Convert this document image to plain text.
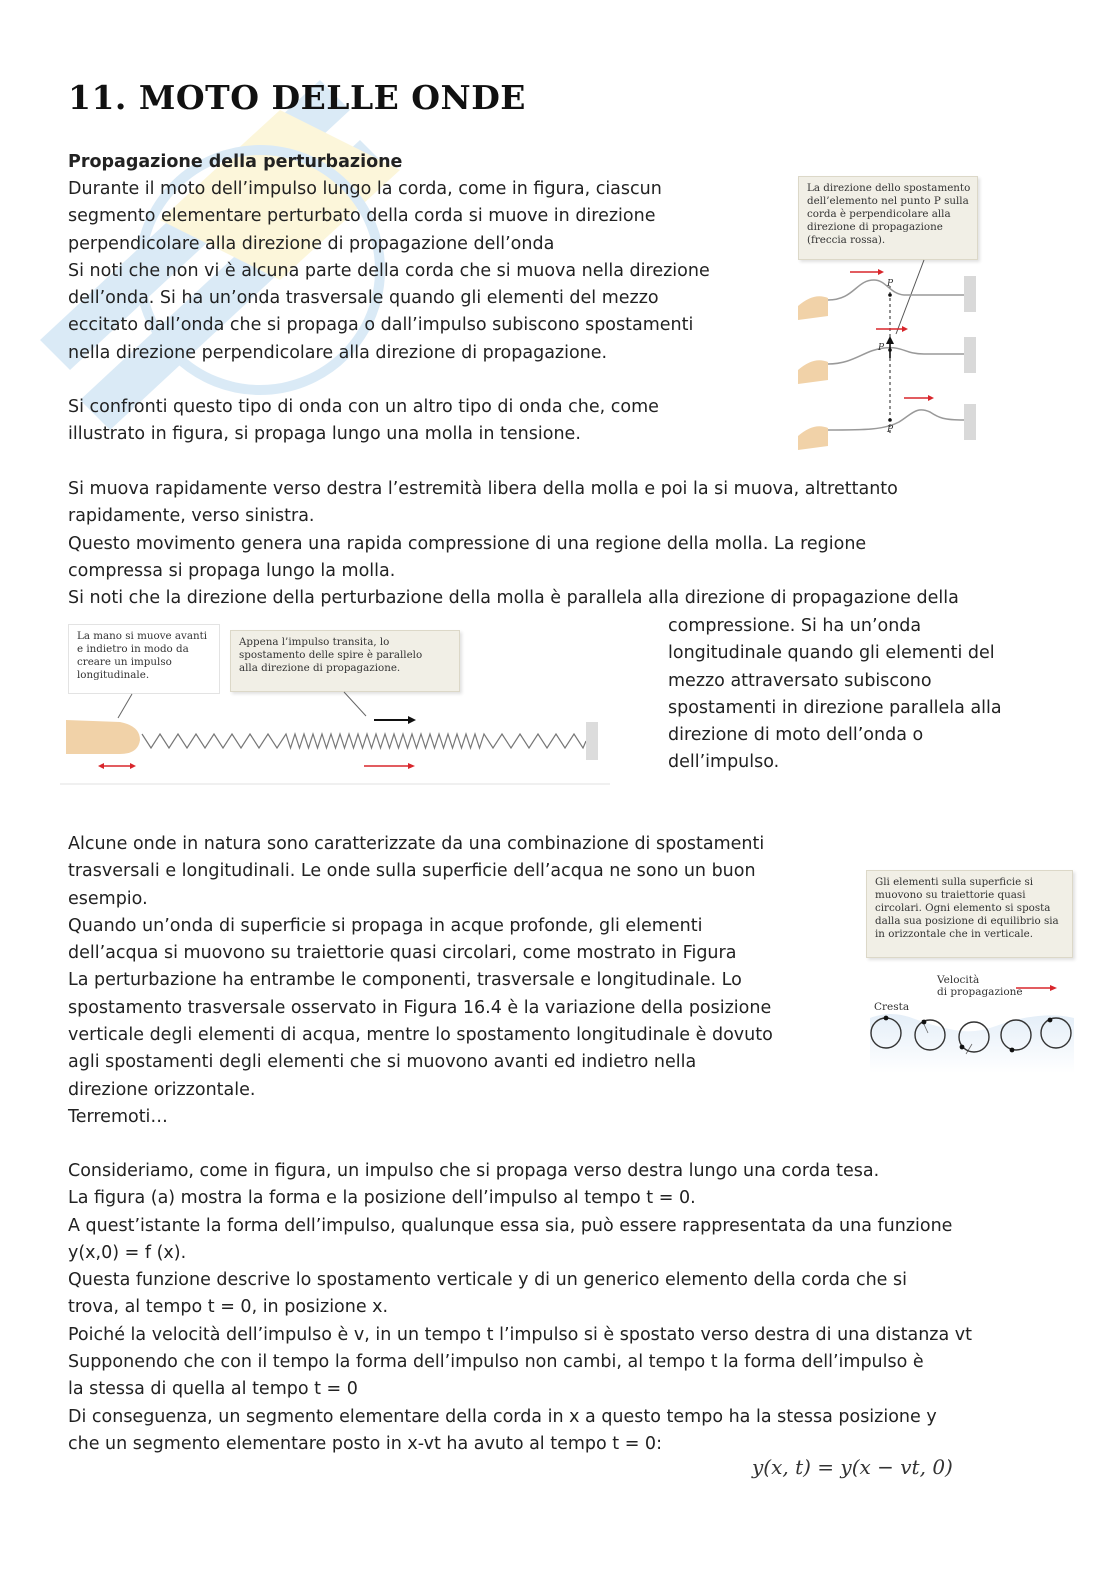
11. MOTO DELLE ONDE

Propagazione della perturbazione

Durante il moto dell’impulso lungo la corda, come in figura, ciascun
segmento elementare perturbato della corda si muove in direzione
perpendicolare alla direzione di propagazione dell’onda
Si noti che non vi è alcuna parte della corda che si muova nella direzione
dell’onda. Si ha un’onda trasversale quando gli elementi del mezzo
eccitato dall’onda che si propaga o dall’impulso subiscono spostamenti
nella direzione perpendicolare alla direzione di propagazione.

Si confronti questo tipo di onda con un altro tipo di onda che, come
illustrato in figura, si propaga lungo una molla in tensione.

Si muova rapidamente verso destra l’estremità libera della molla e poi la si muova, altrettanto
rapidamente, verso sinistra.
Questo movimento genera una rapida compressione di una regione della molla. La regione
compressa si propaga lungo la molla.
Si noti che la direzione della perturbazione della molla è parallela alla direzione di propagazione della

compressione. Si ha un’onda
longitudinale quando gli elementi del
mezzo attraversato subiscono
spostamenti in direzione parallela alla
direzione di moto dell’onda o
dell’impulso.

La direzione dello spostamento
dell’elemento nel punto P sulla
corda è perpendicolare alla
direzione di propagazione
(freccia rossa).
P
P
P
La mano si muove avanti
e indietro in modo da
creare un impulso
longitudinale.
Appena l’impulso transita, lo
spostamento delle spire è parallelo
alla direzione di propagazione.

Alcune onde in natura sono caratterizzate da una combinazione di spostamenti
trasversali e longitudinali. Le onde sulla superficie dell’acqua ne sono un buon
esempio.
Quando un’onda di superficie si propaga in acque profonde, gli elementi
dell’acqua si muovono su traiettorie quasi circolari, come mostrato in Figura
La perturbazione ha entrambe le componenti, trasversale e longitudinale. Lo
spostamento trasversale osservato in Figura 16.4 è la variazione della posizione
verticale degli elementi di acqua, mentre lo spostamento longitudinale è dovuto
agli spostamenti degli elementi che si muovono avanti ed indietro nella
direzione orizzontale.
Terremoti…

Gli elementi sulla superficie si
muovono su traiettorie quasi
circolari. Ogni elemento si sposta
dalla sua posizione di equilibrio sia
in orizzontale che in verticale.
Velocità
di propagazione
Cresta

Consideriamo, come in figura, un impulso che si propaga verso destra lungo una corda tesa.
La figura (a) mostra la forma e la posizione dell’impulso al tempo t = 0.
A quest’istante la forma dell’impulso, qualunque essa sia, può essere rappresentata da una funzione
y(x,0) = f (x).
Questa funzione descrive lo spostamento verticale y di un generico elemento della corda che si
trova, al tempo t = 0, in posizione x.
Poiché la velocità dell’impulso è v, in un tempo t l’impulso si è spostato verso destra di una distanza vt
Supponendo che con il tempo la forma dell’impulso non cambi, al tempo t la forma dell’impulso è
la stessa di quella al tempo t = 0
Di conseguenza, un segmento elementare della corda in x a questo tempo ha la stessa posizione y
che un segmento elementare posto in x-vt ha avuto al tempo t = 0:

y(x, t) = y(x − vt, 0)
